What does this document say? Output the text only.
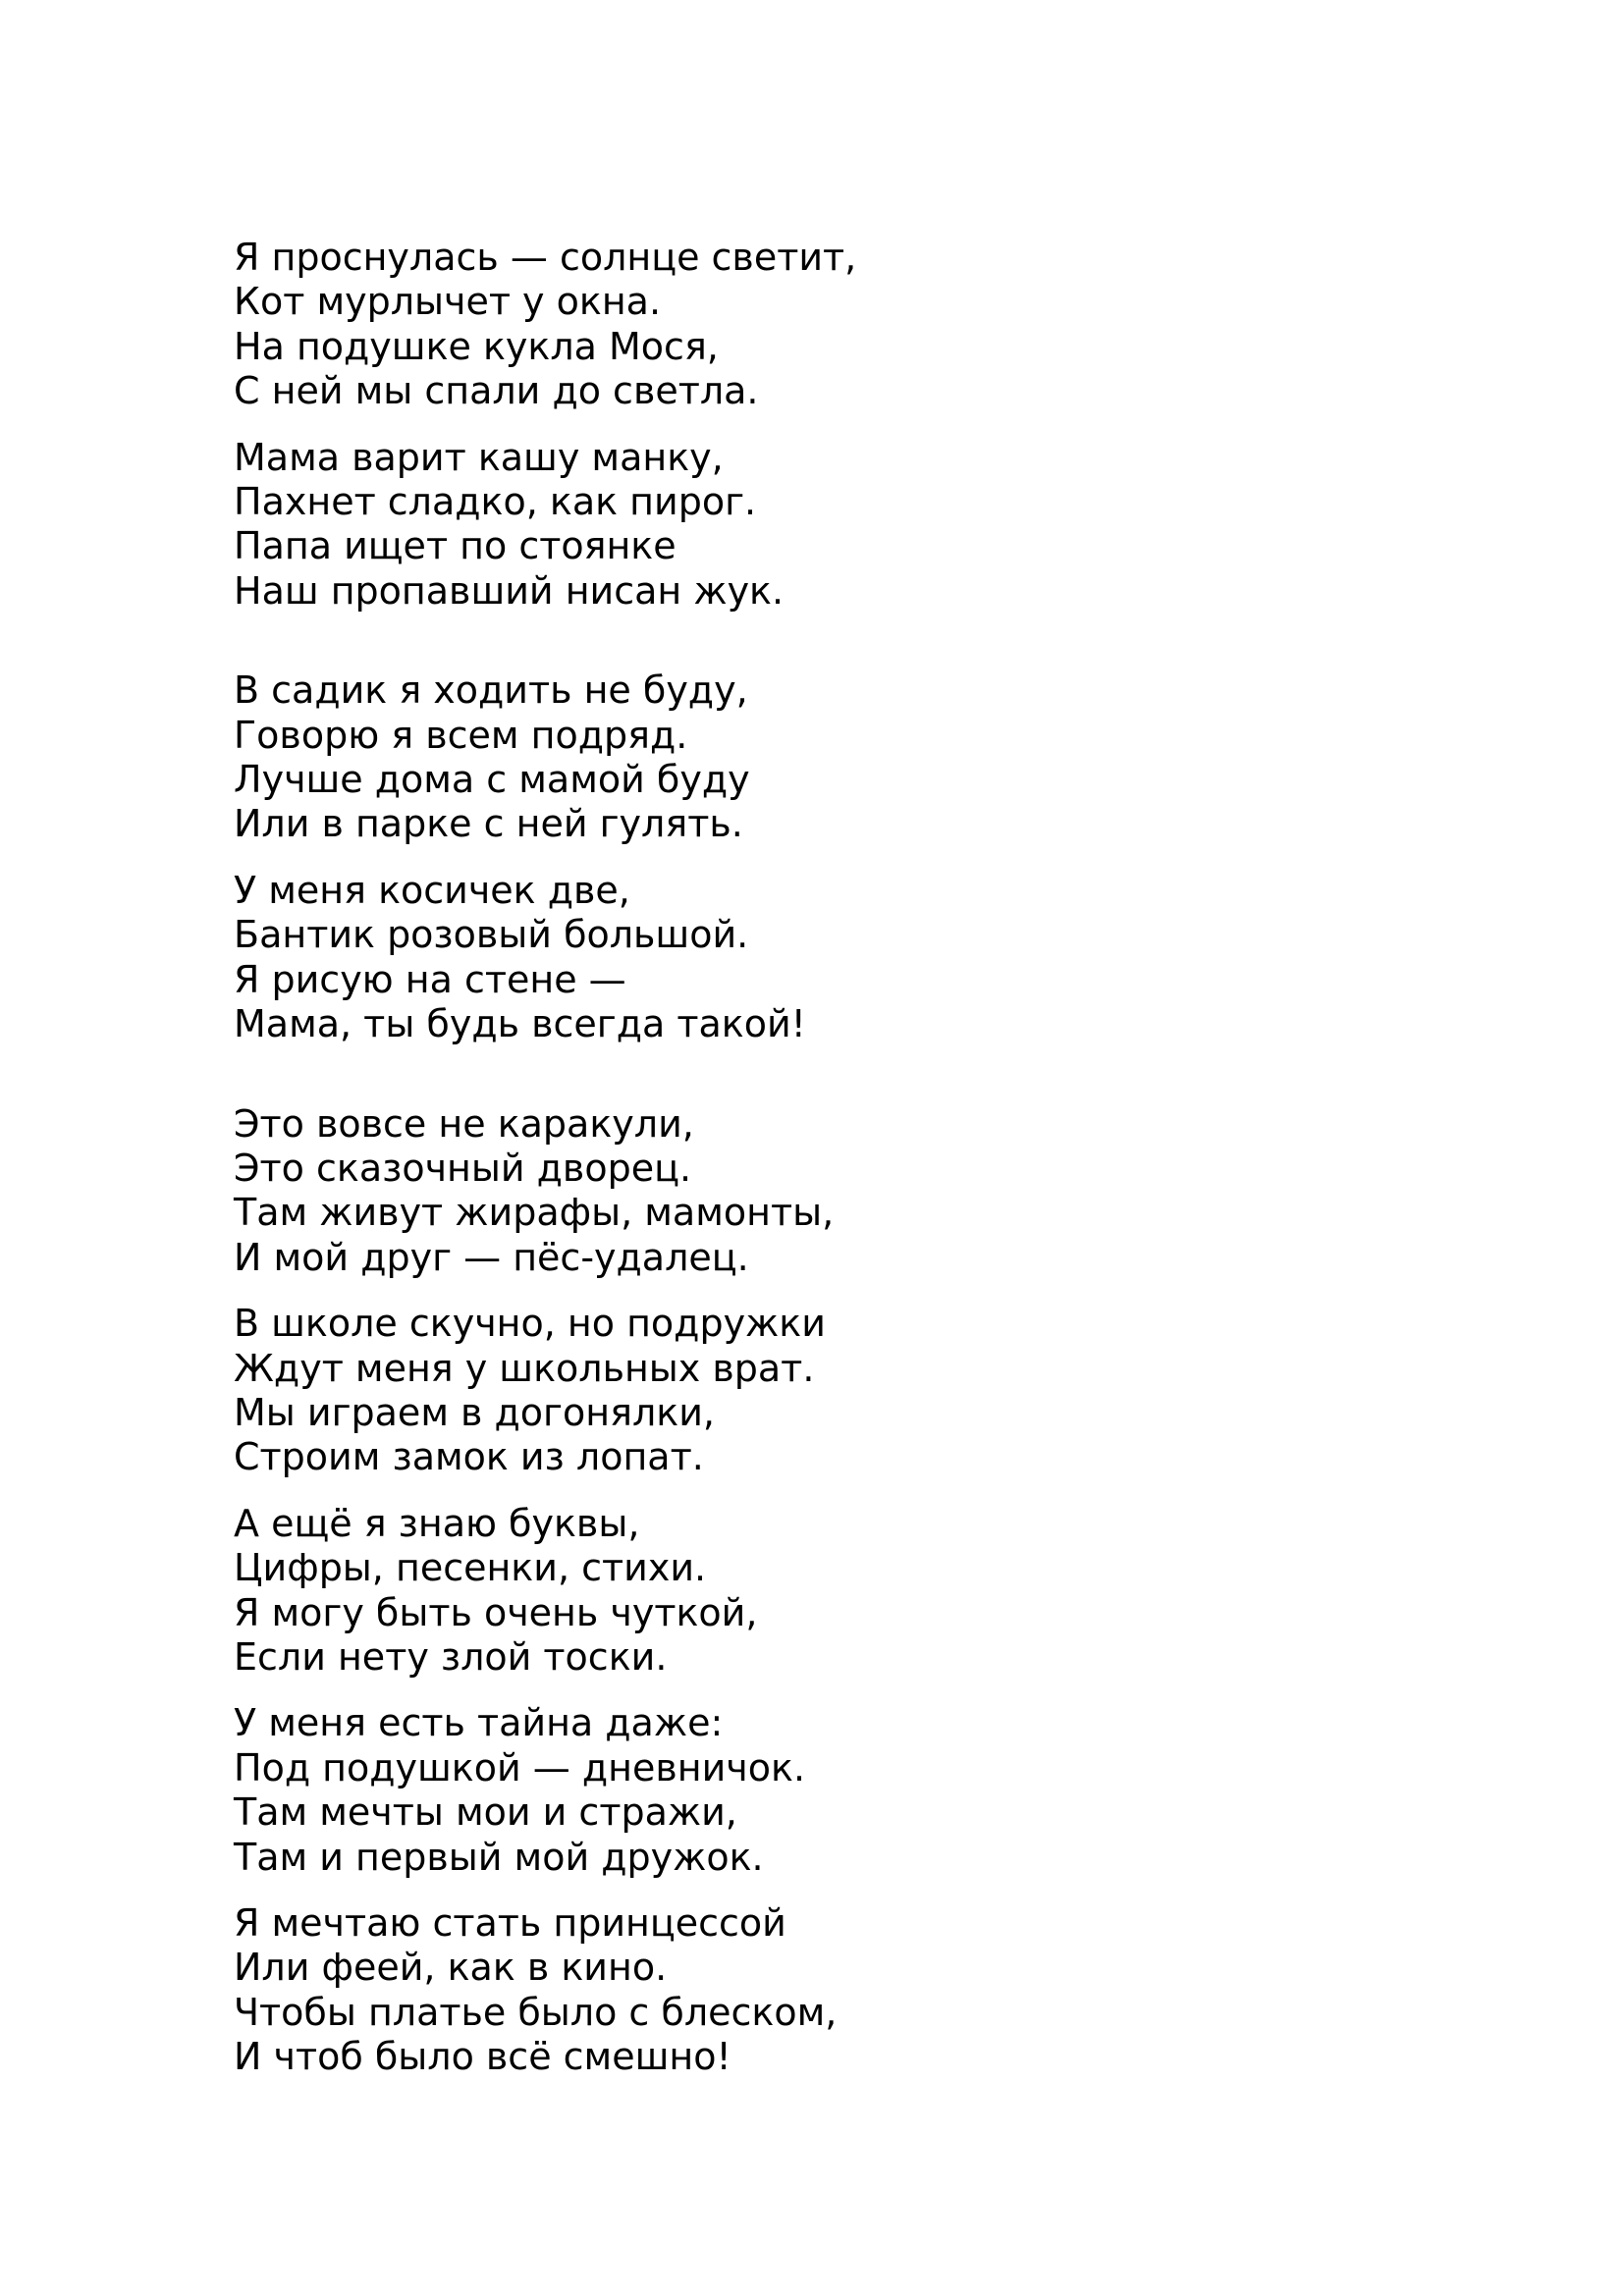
Я проснулась — солнце светит,
Кот мурлычет у окна.
На подушке кукла Мося,
С ней мы спали до светла.
Мама варит кашу манку,
Пахнет сладко, как пирог.
Папа ищет по стоянке
Наш пропавший нисан жук.
В садик я ходить не буду,
Говорю я всем подряд.
Лучше дома с мамой буду
Или в парке с ней гулять.
У меня косичек две,
Бантик розовый большой.
Я рисую на стене —
Мама, ты будь всегда такой!
Это вовсе не каракули,
Это сказочный дворец.
Там живут жирафы, мамонты,
И мой друг — пёс-удалец.
В школе скучно, но подружки
Ждут меня у школьных врат.
Мы играем в догонялки,
Строим замок из лопат.
А ещё я знаю буквы,
Цифры, песенки, стихи.
Я могу быть очень чуткой,
Если нету злой тоски.
У меня есть тайна даже:
Под подушкой — дневничок.
Там мечты мои и стражи,
Там и первый мой дружок.
Я мечтаю стать принцессой
Или феей, как в кино.
Чтобы платье было с блеском,
И чтоб было всё смешно!
